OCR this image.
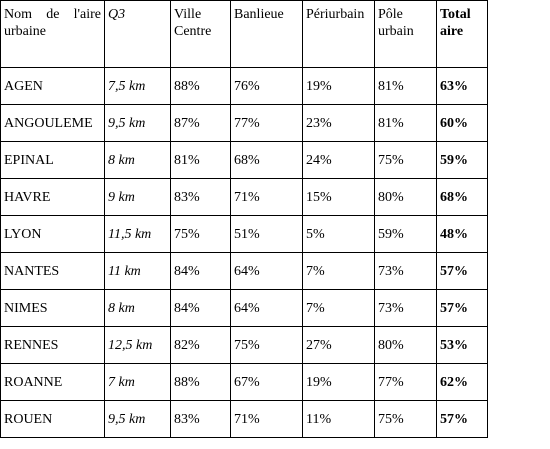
Nom de l'aire urbaine	Q3	Ville Centre	Banlieue	Périurbain	Pôle urbain	Total aire
AGEN	7,5 km	88%	76%	19%	81%	63%
ANGOULEME	9,5 km	87%	77%	23%	81%	60%
EPINAL	8 km	81%	68%	24%	75%	59%
HAVRE	9 km	83%	71%	15%	80%	68%
LYON	11,5 km	75%	51%	5%	59%	48%
NANTES	11 km	84%	64%	7%	73%	57%
NIMES	8 km	84%	64%	7%	73%	57%
RENNES	12,5 km	82%	75%	27%	80%	53%
ROANNE	7 km	88%	67%	19%	77%	62%
ROUEN	9,5 km	83%	71%	11%	75%	57%
